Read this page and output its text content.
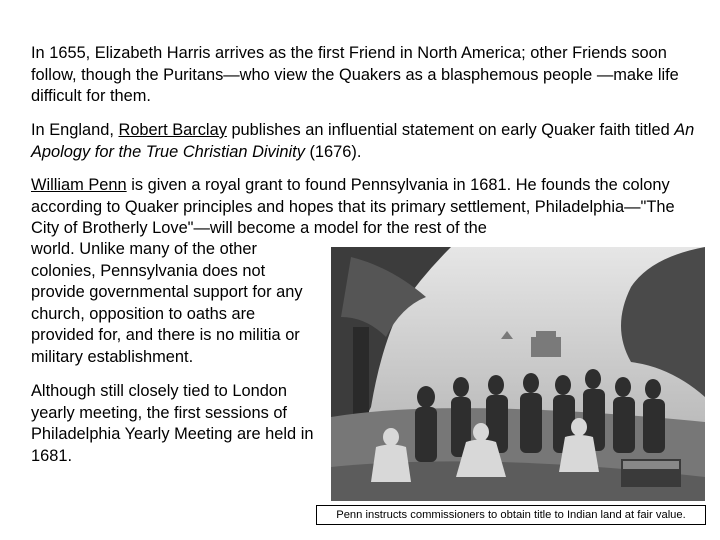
In 1655, Elizabeth Harris arrives as the first Friend in North America; other Friends soon follow, though the Puritans—who view the Quakers as a blasphemous people —make life difficult for them.

In England, Robert Barclay publishes an influential statement on early Quaker faith titled An Apology for the True Christian Divinity (1676).

William Penn is given a royal grant to found Pennsylvania in 1681. He founds the colony according to Quaker principles and hopes that its primary settlement, Philadelphia—"The City of Brotherly Love"—will become a model for the rest of the

world. Unlike many of the other colonies, Pennsylvania does not provide governmental support for any church, opposition to oaths are provided for, and there is no militia or military establishment.

Although still closely tied to London yearly meeting, the first sessions of Philadelphia Yearly Meeting are held in 1681.

Penn instructs commissioners to obtain title to Indian land at fair value.
